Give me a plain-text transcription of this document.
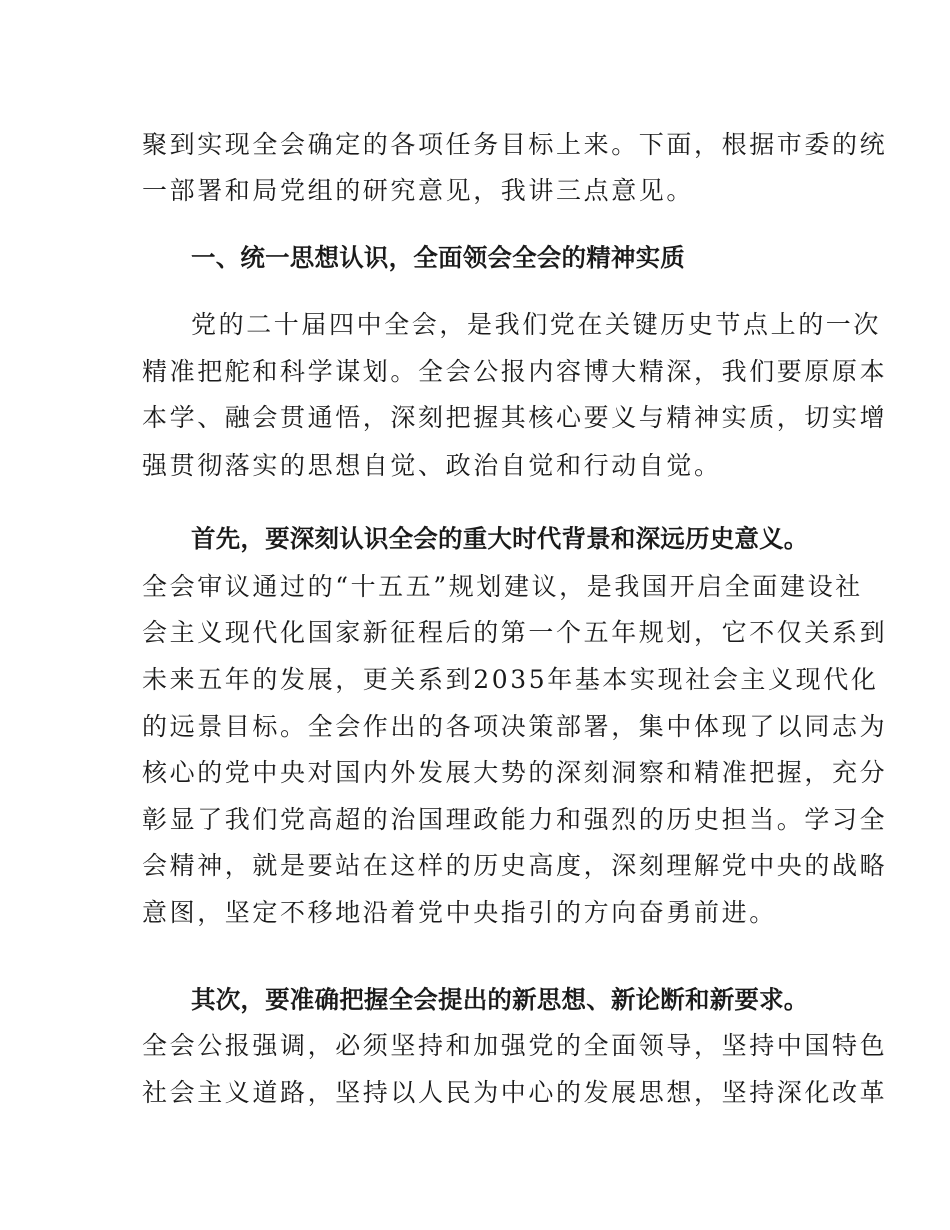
聚到实现全会确定的各项任务目标上来。下面，根据市委的统
一部署和局党组的研究意见，我讲三点意见。
一、统一思想认识，全面领会全会的精神实质
党的二十届四中全会，是我们党在关键历史节点上的一次
精准把舵和科学谋划。全会公报内容博大精深，我们要原原本
本学、融会贯通悟，深刻把握其核心要义与精神实质，切实增
强贯彻落实的思想自觉、政治自觉和行动自觉。
首先，要深刻认识全会的重大时代背景和深远历史意义。
全会审议通过的“十五五”规划建议，是我国开启全面建设社
会主义现代化国家新征程后的第一个五年规划，它不仅关系到
未来五年的发展，更关系到2035年基本实现社会主义现代化
的远景目标。全会作出的各项决策部署，集中体现了以同志为
核心的党中央对国内外发展大势的深刻洞察和精准把握，充分
彰显了我们党高超的治国理政能力和强烈的历史担当。学习全
会精神，就是要站在这样的历史高度，深刻理解党中央的战略
意图，坚定不移地沿着党中央指引的方向奋勇前进。
其次，要准确把握全会提出的新思想、新论断和新要求。
全会公报强调，必须坚持和加强党的全面领导，坚持中国特色
社会主义道路，坚持以人民为中心的发展思想，坚持深化改革
